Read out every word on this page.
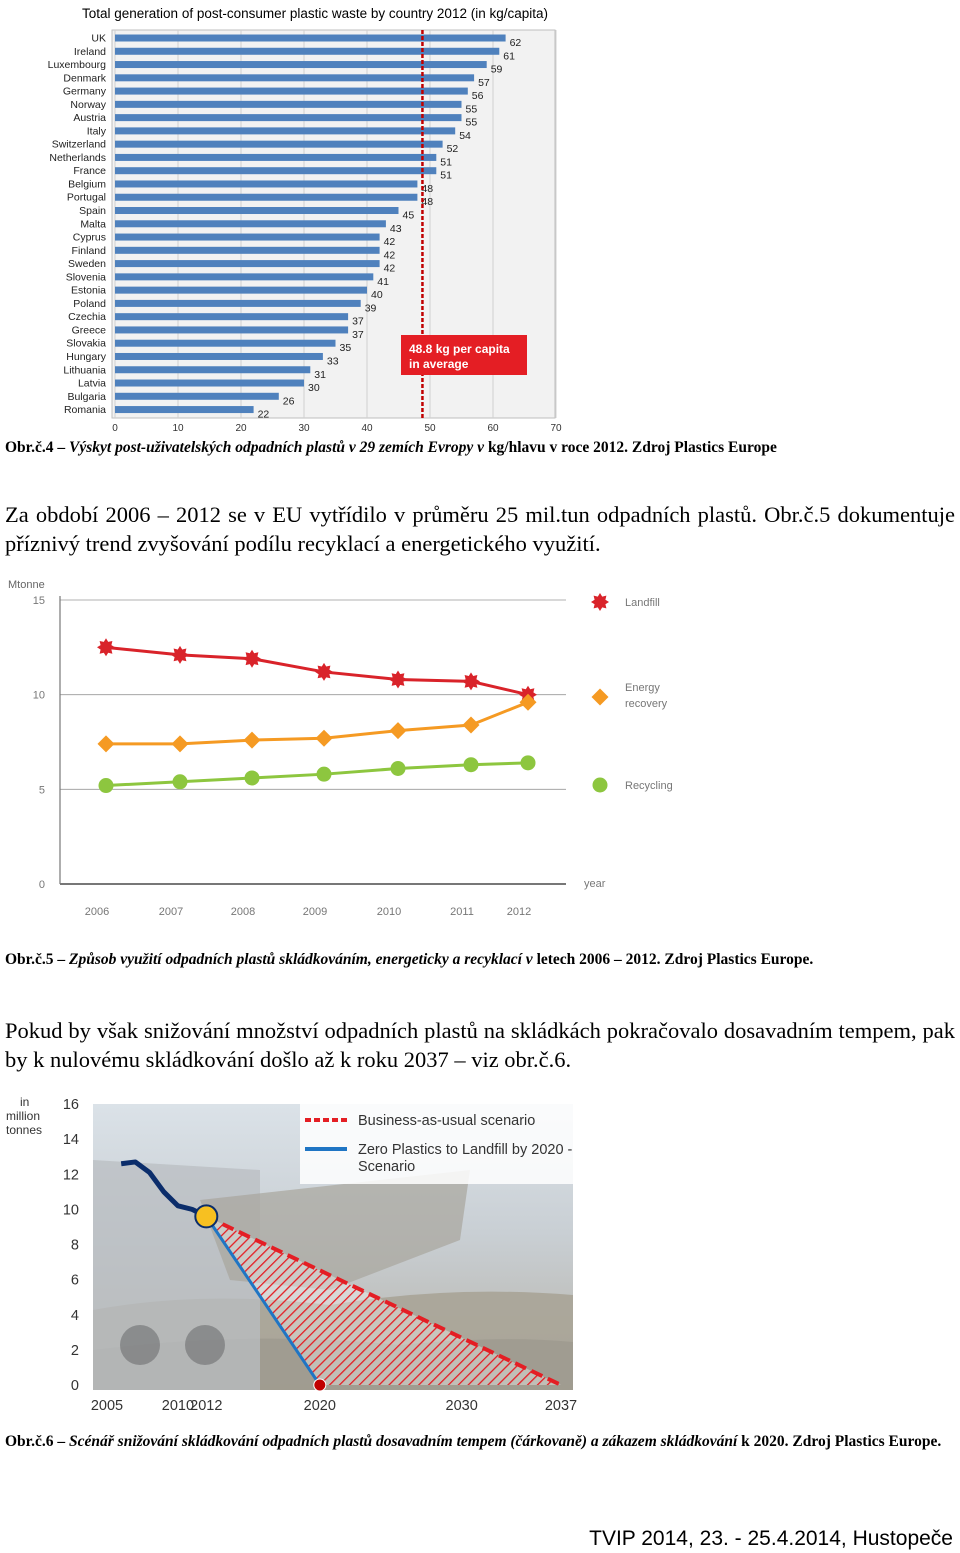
Total generation of post-consumer plastic waste by country 2012 (in kg/capita)
62
61
59
57
56
55
55
54
52
51
51
48
48
45
43
42
42
42
41
40
39
37
37
35
33
31
30
26
22
0	10	20	30	40	50	60	70
UK
Ireland
Luxembourg
Denmark
Germany
Norway
Austria
Italy
Switzerland
Netherlands
France
Belgium
Portugal
Spain
Malta
Cyprus
Finland
Sweden
Slovenia
Estonia
Poland
Czechia
Greece
Slovakia
Hungary
Lithuania
Latvia
Bulgaria
Romania
48.8 kg per capita
in average
Obr.č.4 – Výskyt post-uživatelských odpadních plastů v 29 zemích Evropy v kg/hlavu v roce 2012. Zdroj Plastics Europe

Za období 2006 – 2012 se v EU vytřídilo v průměru 25 mil.tun odpadních plastů. Obr.č.5 dokumentuje příznivý trend zvyšování podílu recyklací a energetického využití.

Mtonne
15
10
5
0
2006	2007	2008	2009	2010	2011	2012
Landfill
Energy
recovery
Recycling
year
Obr.č.5 – Způsob využití odpadních plastů skládkováním, energeticky a recyklací v letech 2006 – 2012. Zdroj Plastics Europe.

Pokud by však snižování množství odpadních plastů na skládkách pokračovalo dosavadním tempem, pak by k nulovému skládkování došlo až k roku 2037 – viz obr.č.6.

16
14
12
10
8
6
4
2
0
2005	2010
2012	2020	2030	2037
Business-as-usual scenario
Zero Plastics to Landfill by 2020 -
Scenario
in
million
tonnes
Obr.č.6 – Scénář snižování skládkování odpadních plastů dosavadním tempem (čárkovaně) a zákazem skládkování k 2020. Zdroj Plastics Europe.
TVIP 2014, 23. - 25.4.2014, Hustopeče
